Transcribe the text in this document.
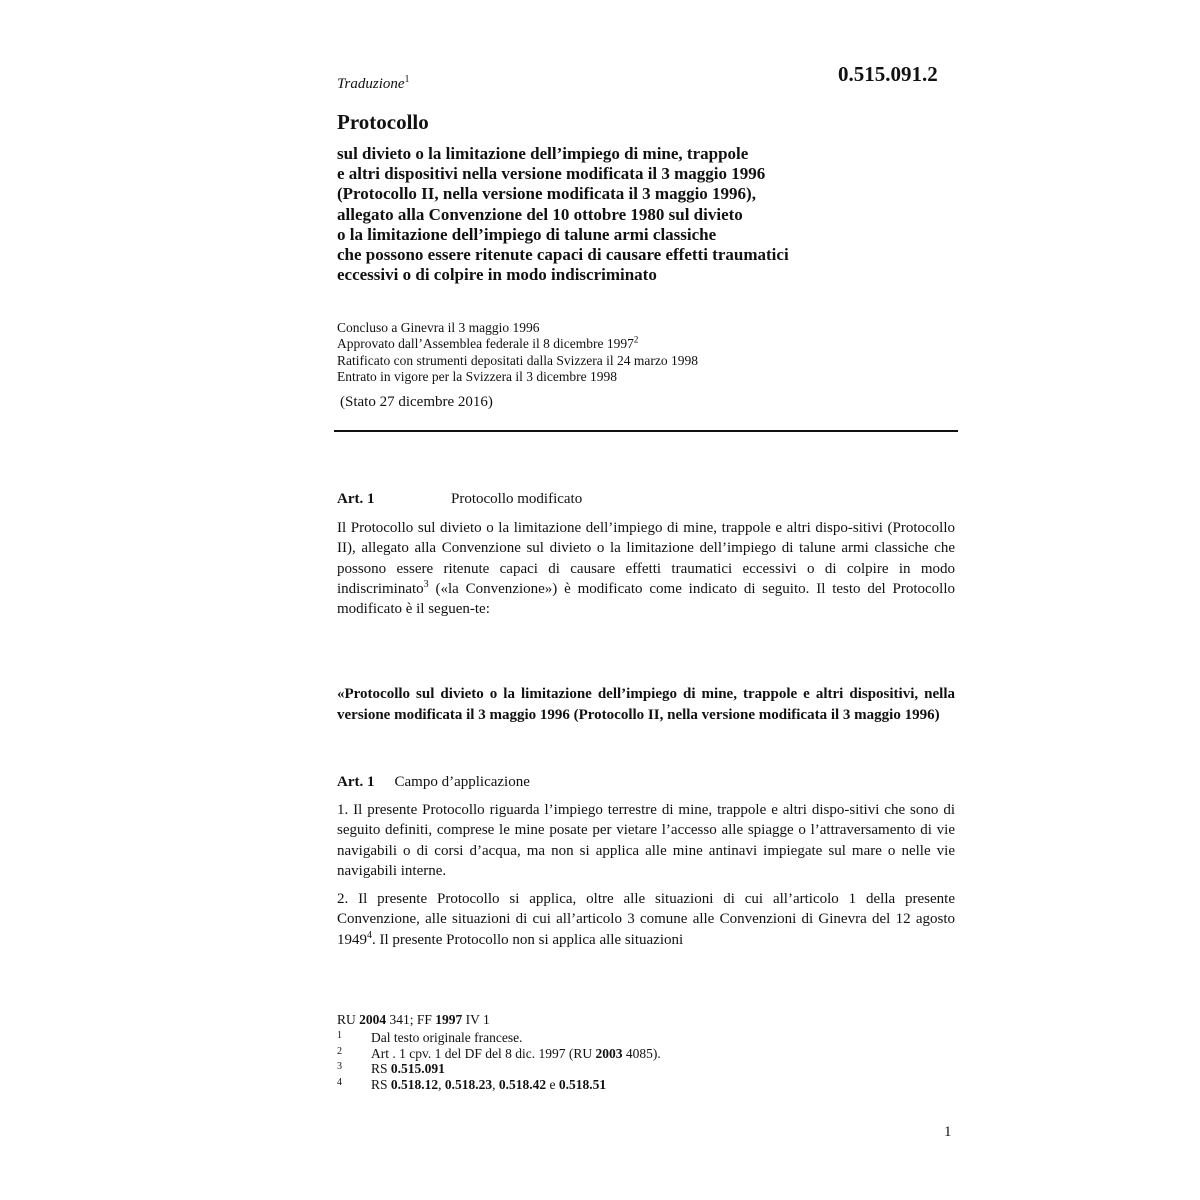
Traduzione$^1$	0.515.091.2
Protocollo
sul divieto o la limitazione dell’impiego di mine, trappole
e altri dispositivi nella versione modificata il 3 maggio 1996
(Protocollo II, nella versione modificata il 3 maggio 1996),
allegato alla Convenzione del 10 ottobre 1980 sul divieto
o la limitazione dell’impiego di talune armi classiche
che possono essere ritenute capaci di causare effetti traumatici
eccessivi o di colpire in modo indiscriminato
Concluso a Ginevra il 3 maggio 1996
Approvato dall’Assemblea federale il 8 dicembre 1997$^2$
Ratificato con strumenti depositati dalla Svizzera il 24 marzo 1998
Entrato in vigore per la Svizzera il 3 dicembre 1998
(Stato 27 dicembre 2016)
Art. 1	Protocollo modificato
Il Protocollo sul divieto o la limitazione dell’impiego di mine, trappole e altri dispo-sitivi (Protocollo II), allegato alla Convenzione sul divieto o la limitazione dell’impiego di talune armi classiche che possono essere ritenute capaci di causare effetti traumatici eccessivi o di colpire in modo indiscriminato$^3$ («la Convenzione») è modificato come indicato di seguito. Il testo del Protocollo modificato è il seguen-te:
«Protocollo sul divieto o la limitazione dell’impiego di mine, trappole e altri dispositivi, nella versione modificata il 3 maggio 1996 (Protocollo II, nella versione modificata il 3 maggio 1996)
Art. 1 Campo d’applicazione
1. Il presente Protocollo riguarda l’impiego terrestre di mine, trappole e altri dispo-sitivi che sono di seguito definiti, comprese le mine posate per vietare l’accesso alle spiagge o l’attraversamento di vie navigabili o di corsi d’acqua, ma non si applica alle mine antinavi impiegate sul mare o nelle vie navigabili interne.
2. Il presente Protocollo si applica, oltre alle situazioni di cui all’articolo 1 della presente Convenzione, alle situazioni di cui all’articolo 3 comune alle Convenzioni di Ginevra del 12 agosto 1949$^4$. Il presente Protocollo non si applica alle situazioni
RU 2004 341; FF 1997 IV 1
1 Dal testo originale francese.
2 Art . 1 cpv. 1 del DF del 8 dic. 1997 (RU 2003 4085).
3 RS 0.515.091
4 RS 0.518.12, 0.518.23, 0.518.42 e 0.518.51
1
